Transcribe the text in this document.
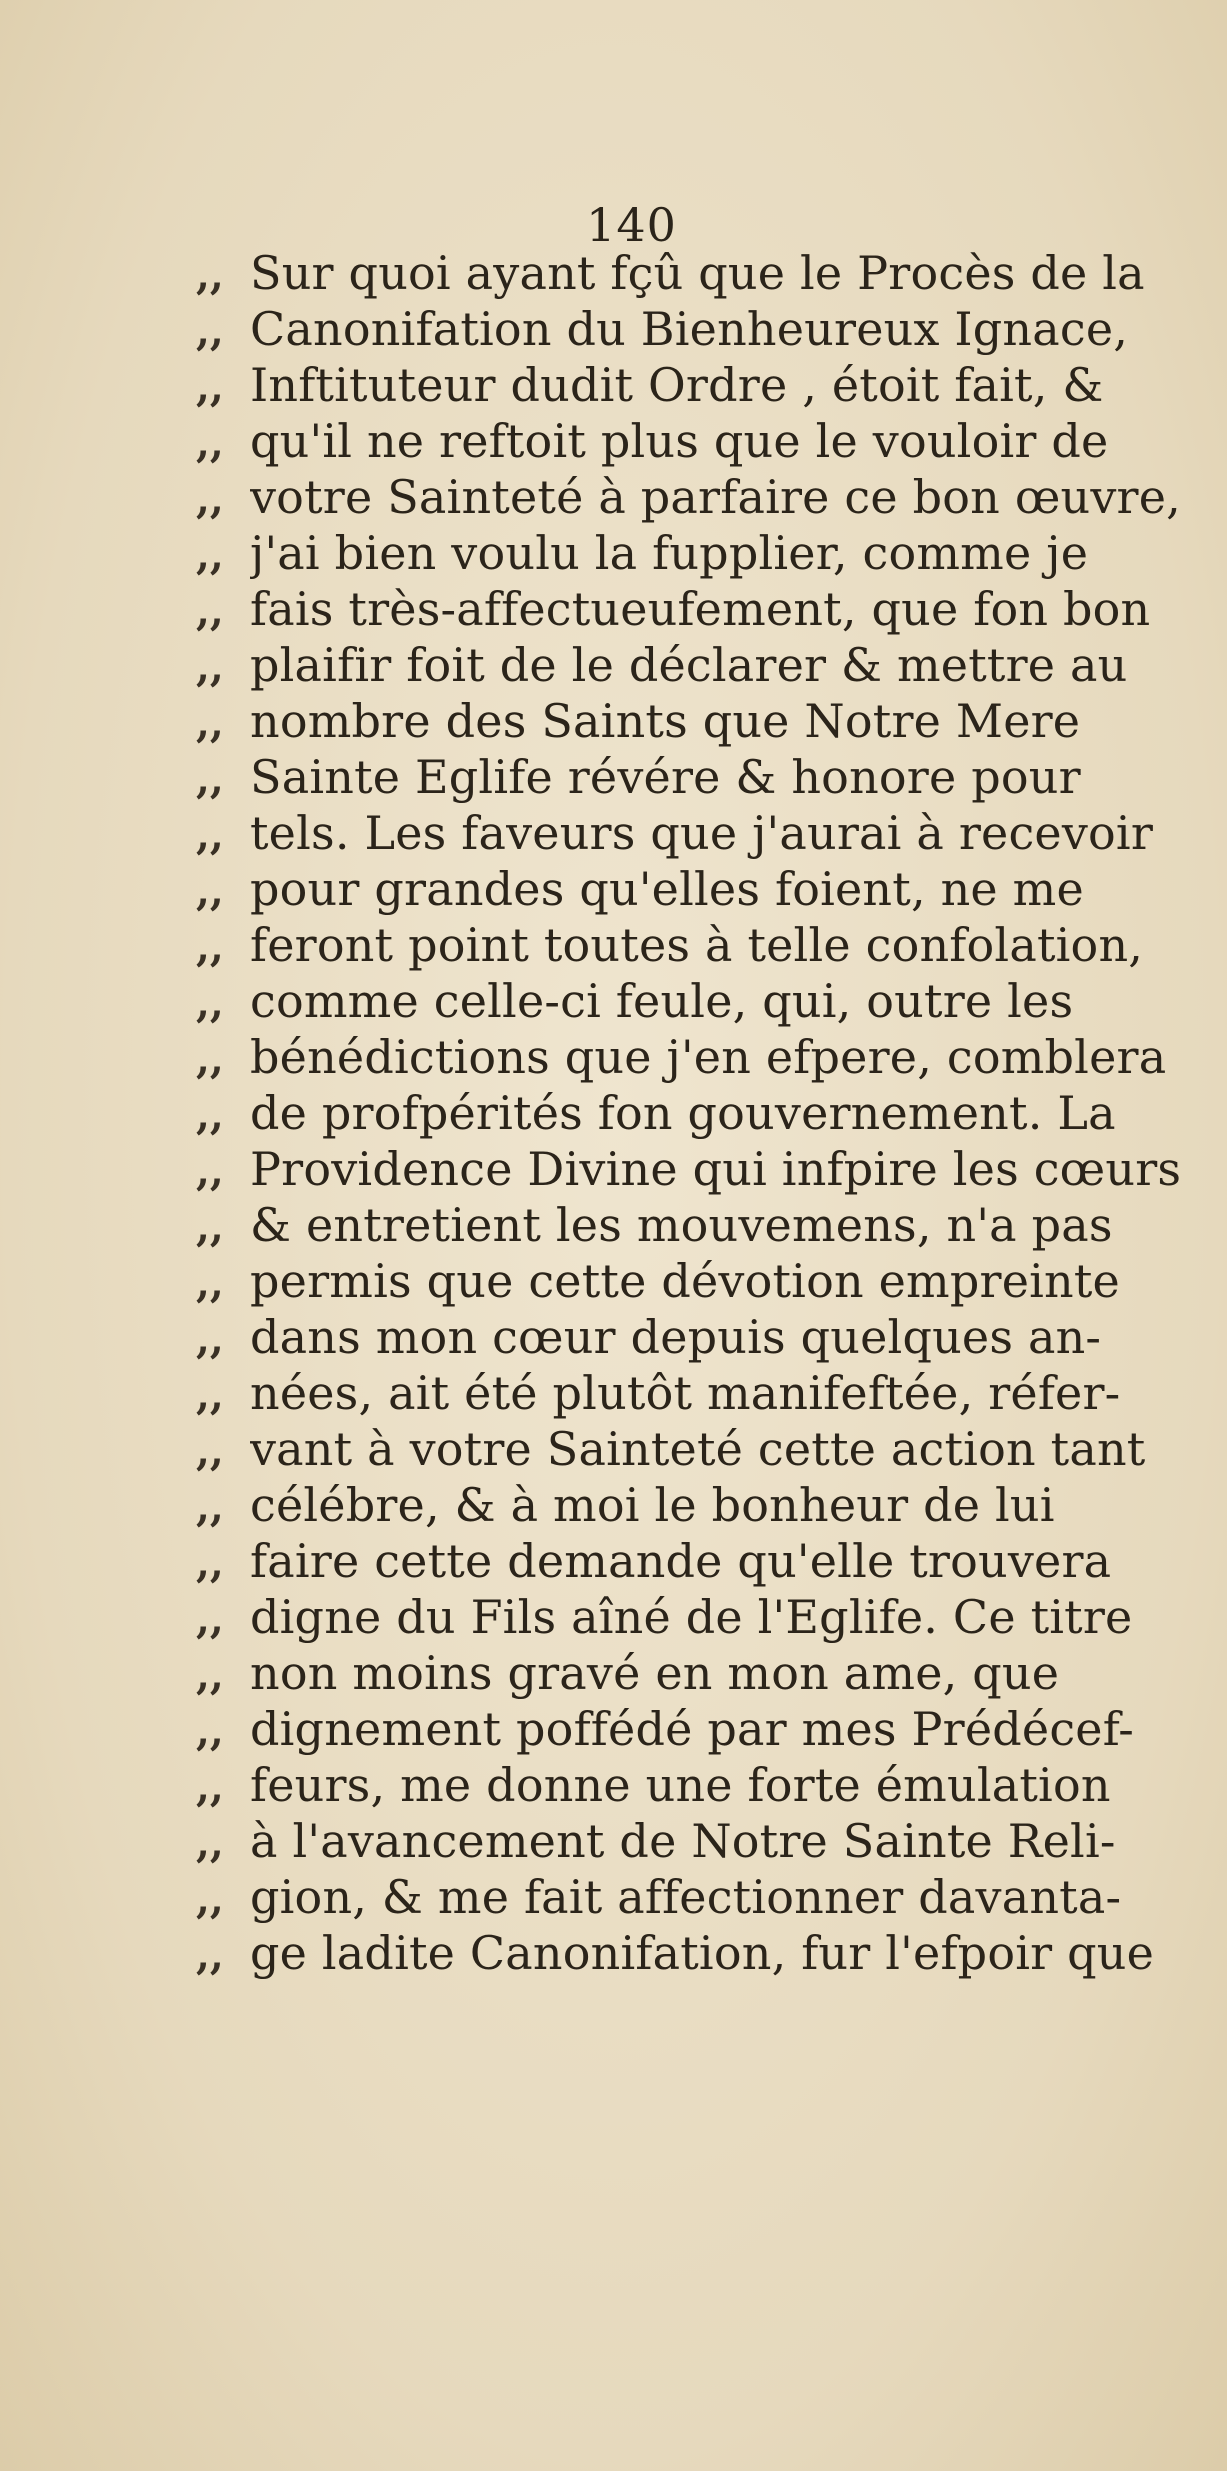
140
,, Sur quoi ayant fçû que le Procès de la
,, Canonifation du Bienheureux Ignace,
,, Inftituteur dudit Ordre , étoit fait, &
,, qu'il ne reftoit plus que le vouloir de
,, votre Sainteté à parfaire ce bon œuvre,
,, j'ai bien voulu la fupplier, comme je
,, fais très-affectueufement, que fon bon
,, plaifir foit de le déclarer & mettre au
,, nombre des Saints que Notre Mere
,, Sainte Eglife révére & honore pour
,, tels. Les faveurs que j'aurai à recevoir
,, pour grandes qu'elles foient, ne me
,, feront point toutes à telle confolation,
,, comme celle-ci feule, qui, outre les
,, bénédictions que j'en efpere, comblera
,, de profpérités fon gouvernement. La
,, Providence Divine qui infpire les cœurs
,, & entretient les mouvemens, n'a pas
,, permis que cette dévotion empreinte
,, dans mon cœur depuis quelques an-
,, nées, ait été plutôt manifeftée, réfer-
,, vant à votre Sainteté cette action tant
,, célébre, & à moi le bonheur de lui
,, faire cette demande qu'elle trouvera
,, digne du Fils aîné de l'Eglife. Ce titre
,, non moins gravé en mon ame, que
,, dignement poffédé par mes Prédécef-
,, feurs, me donne une forte émulation
,, à l'avancement de Notre Sainte Reli-
,, gion, & me fait affectionner davanta-
,, ge ladite Canonifation, fur l'efpoir que
